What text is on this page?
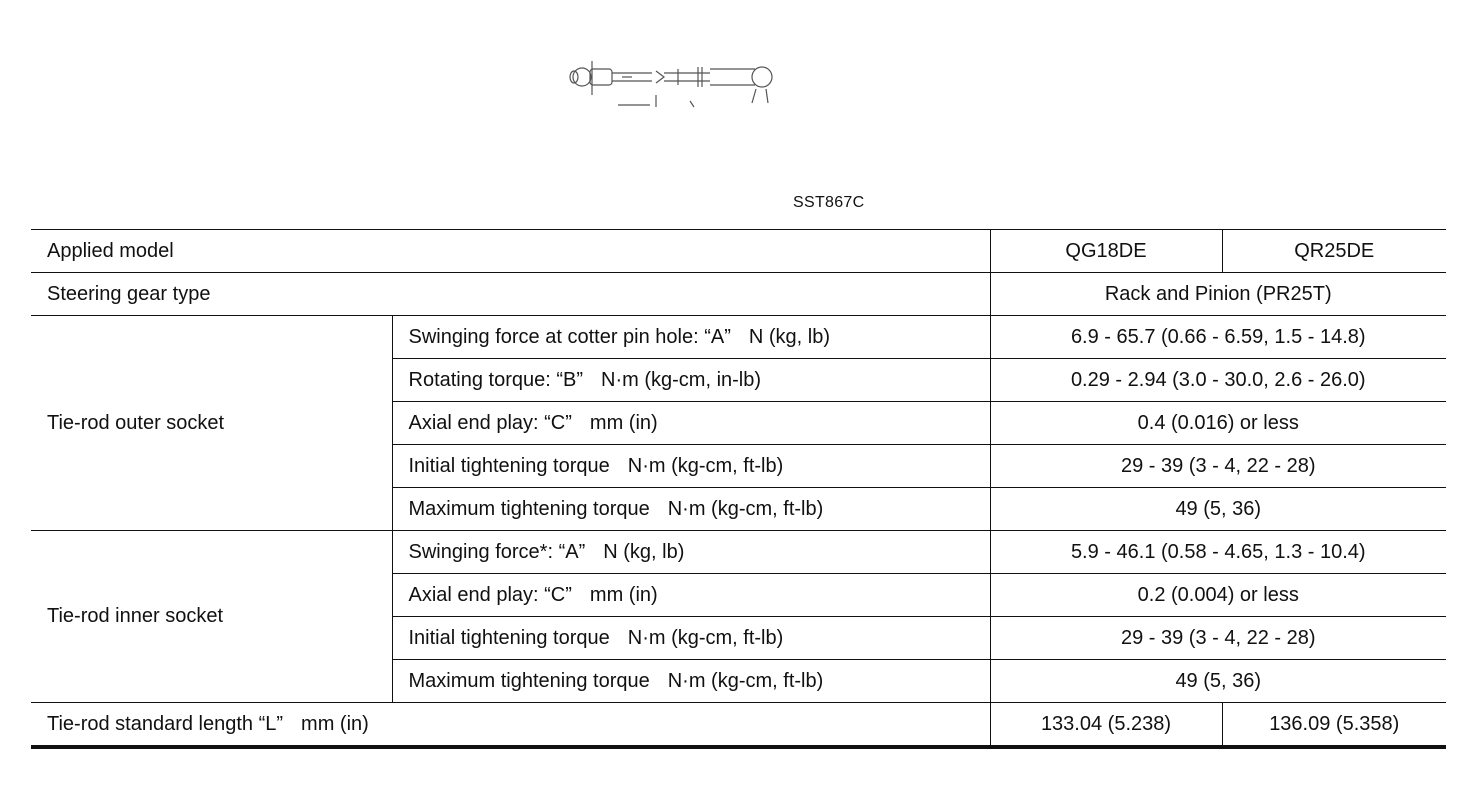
SST867C
Applied model		QG18DE	QR25DE
Steering gear type		Rack and Pinion (PR25T)	
Tie-rod outer socket	Swinging force at cotter pin hole: “A” N (kg, lb)	6.9 - 65.7 (0.66 - 6.59, 1.5 - 14.8)	
	Rotating torque: “B” N·m (kg-cm, in-lb)	0.29 - 2.94 (3.0 - 30.0, 2.6 - 26.0)	
	Axial end play: “C” mm (in)	0.4 (0.016) or less	
	Initial tightening torque N·m (kg-cm, ft-lb)	29 - 39 (3 - 4, 22 - 28)	
	Maximum tightening torque N·m (kg-cm, ft-lb)	49 (5, 36)	
Tie-rod inner socket	Swinging force*: “A” N (kg, lb)	5.9 - 46.1 (0.58 - 4.65, 1.3 - 10.4)	
	Axial end play: “C” mm (in)	0.2 (0.004) or less	
	Initial tightening torque N·m (kg-cm, ft-lb)	29 - 39 (3 - 4, 22 - 28)	
	Maximum tightening torque N·m (kg-cm, ft-lb)	49 (5, 36)	
Tie-rod standard length “L” mm (in)		133.04 (5.238)	136.09 (5.358)
